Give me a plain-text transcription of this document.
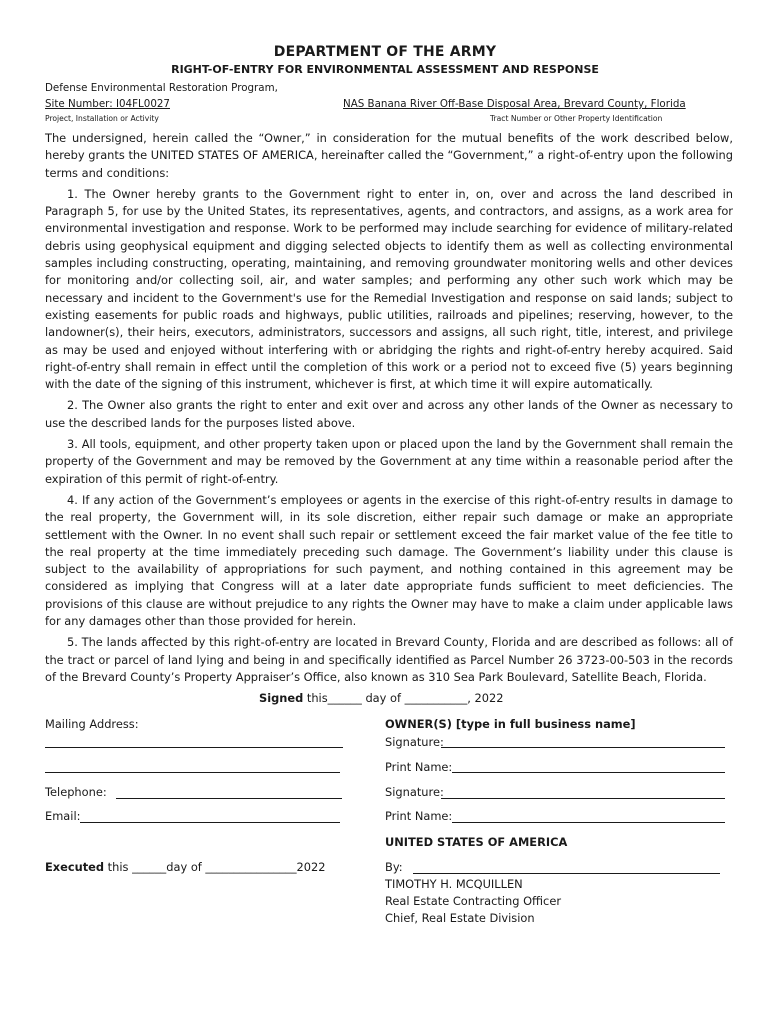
DEPARTMENT OF THE ARMY
RIGHT-OF-ENTRY FOR ENVIRONMENTAL ASSESSMENT AND RESPONSE
Defense Environmental Restoration Program,
Site Number: I04FL0027	NAS Banana River Off-Base Disposal Area, Brevard County, Florida
Project, Installation or Activity	Tract Number or Other Property Identification

The undersigned, herein called the “Owner,” in consideration for the mutual benefits of the work described below, hereby grants the UNITED STATES OF AMERICA, hereinafter called the “Government,” a right-of-entry upon the following terms and conditions:

1. The Owner hereby grants to the Government right to enter in, on, over and across the land described in Paragraph 5, for use by the United States, its representatives, agents, and contractors, and assigns, as a work area for environmental investigation and response. Work to be performed may include searching for evidence of military-related debris using geophysical equipment and digging selected objects to identify them as well as collecting environmental samples including constructing, operating, maintaining, and removing groundwater monitoring wells and other devices for monitoring and/or collecting soil, air, and water samples; and performing any other such work which may be necessary and incident to the Government's use for the Remedial Investigation and response on said lands; subject to existing easements for public roads and highways, public utilities, railroads and pipelines; reserving, however, to the landowner(s), their heirs, executors, administrators, successors and assigns, all such right, title, interest, and privilege as may be used and enjoyed without interfering with or abridging the rights and right-of-entry hereby acquired. Said right-of-entry shall remain in effect until the completion of this work or a period not to exceed five (5) years beginning with the date of the signing of this instrument, whichever is first, at which time it will expire automatically.

2. The Owner also grants the right to enter and exit over and across any other lands of the Owner as necessary to use the described lands for the purposes listed above.

3. All tools, equipment, and other property taken upon or placed upon the land by the Government shall remain the property of the Government and may be removed by the Government at any time within a reasonable period after the expiration of this permit of right-of-entry.

4. If any action of the Government’s employees or agents in the exercise of this right-of-entry results in damage to the real property, the Government will, in its sole discretion, either repair such damage or make an appropriate settlement with the Owner. In no event shall such repair or settlement exceed the fair market value of the fee title to the real property at the time immediately preceding such damage. The Government’s liability under this clause is subject to the availability of appropriations for such payment, and nothing contained in this agreement may be considered as implying that Congress will at a later date appropriate funds sufficient to meet deficiencies. The provisions of this clause are without prejudice to any rights the Owner may have to make a claim under applicable laws for any damages other than those provided for herein.

5. The lands affected by this right-of-entry are located in Brevard County, Florida and are described as follows: all of the tract or parcel of land lying and being in and specifically identified as Parcel Number 26 3723-00-503 in the records of the Brevard County’s Property Appraiser’s Office, also known as 310 Sea Park Boulevard, Satellite Beach, Florida.

Signed this______ day of ___________, 2022
Mailing Address:
Telephone:
Email:
Executed this ______day of ________________2022
OWNER(S) [type in full business name]
Signature:
Print Name:
Signature:
Print Name:
UNITED STATES OF AMERICA
By:
TIMOTHY H. MCQUILLEN
Real Estate Contracting Officer
Chief, Real Estate Division
